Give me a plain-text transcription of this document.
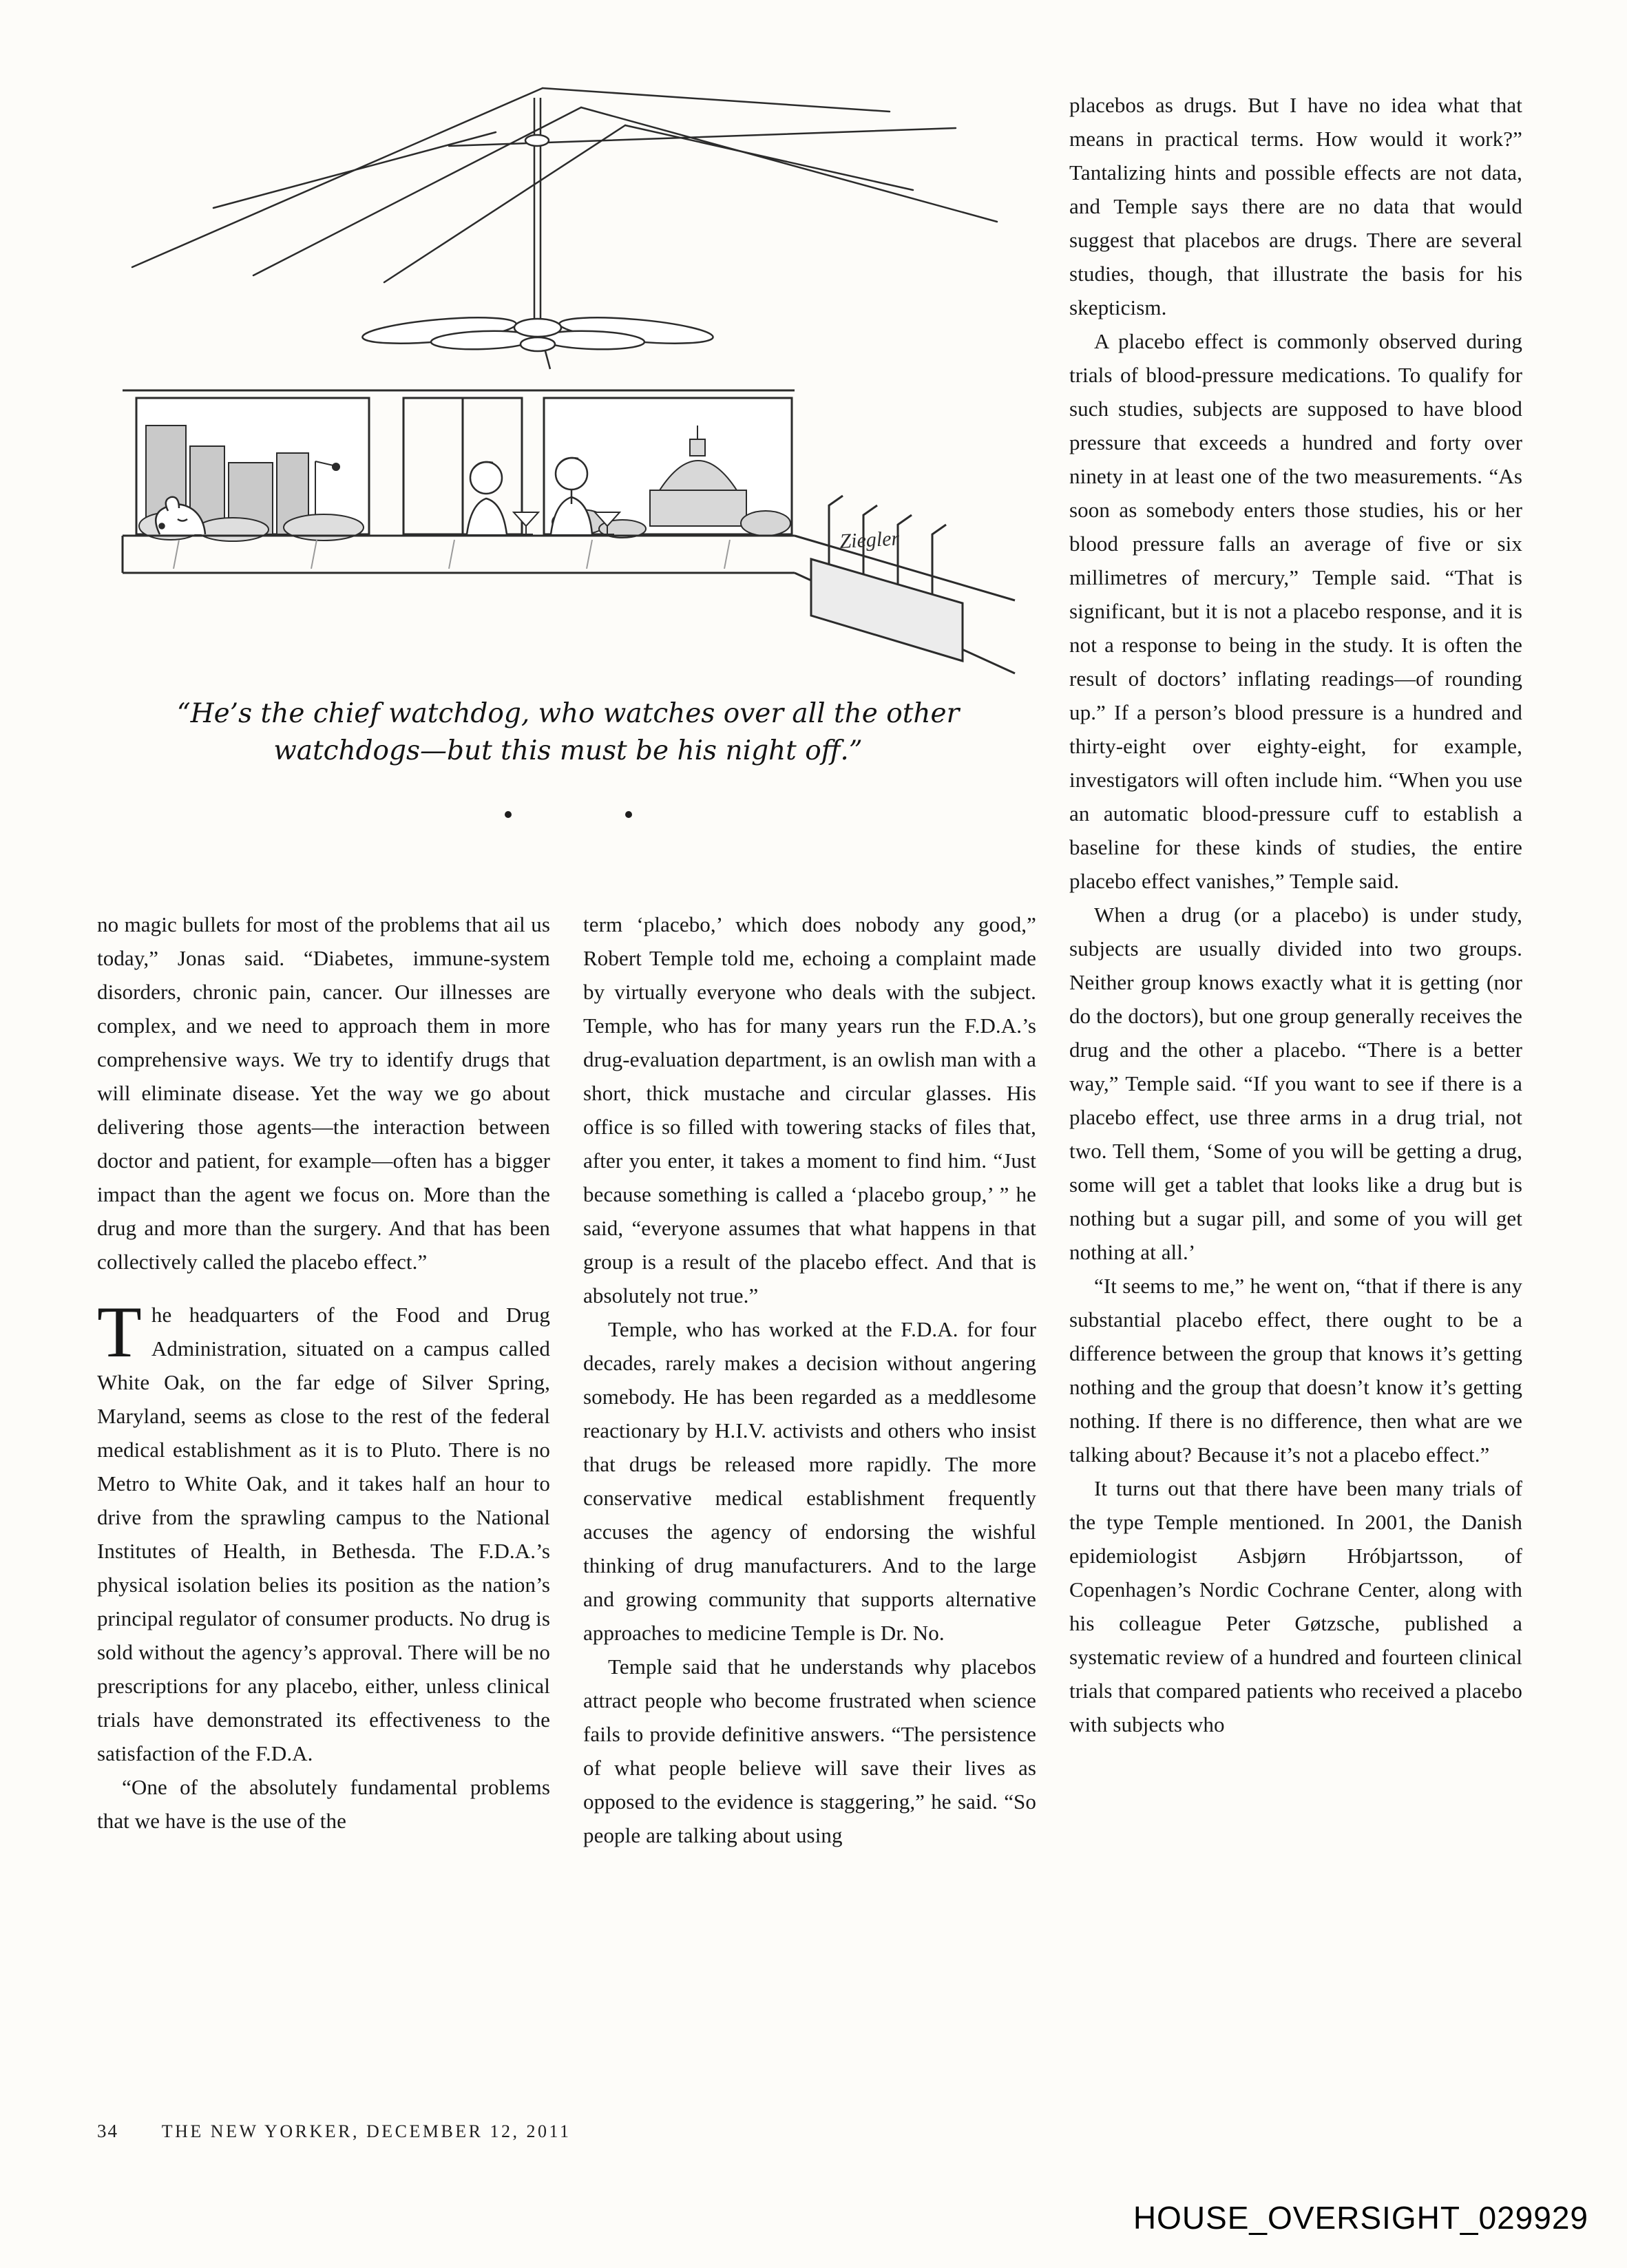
Ziegler
“He’s the chief watchdog, who watches over all the other
watchdogs—but this must be his night off.”

no magic bullets for most of the problems that ail us today,” Jonas said. “Diabetes, immune-system disorders, chronic pain, cancer. Our illnesses are complex, and we need to approach them in more comprehensive ways. We try to identify drugs that will eliminate disease. Yet the way we go about delivering those agents—the interaction between doctor and patient, for example—often has a bigger impact than the agent we focus on. More than the drug and more than the surgery. And that has been collectively called the placebo effect.”

The headquarters of the Food and Drug Administration, situated on a campus called White Oak, on the far edge of Silver Spring, Maryland, seems as close to the rest of the federal medical establishment as it is to Pluto. There is no Metro to White Oak, and it takes half an hour to drive from the sprawling campus to the National Institutes of Health, in Bethesda. The F.D.A.’s physical isolation belies its position as the nation’s principal regulator of consumer products. No drug is sold without the agency’s approval. There will be no prescriptions for any placebo, either, unless clinical trials have demonstrated its effectiveness to the satisfaction of the F.D.A.

“One of the absolutely fundamental problems that we have is the use of the

term ‘placebo,’ which does nobody any good,” Robert Temple told me, echoing a complaint made by virtually everyone who deals with the subject. Temple, who has for many years run the F.D.A.’s drug-evaluation department, is an owlish man with a short, thick mustache and circular glasses. His office is so filled with towering stacks of files that, after you enter, it takes a moment to find him. “Just because something is called a ‘placebo group,’ ” he said, “everyone assumes that what happens in that group is a result of the placebo effect. And that is absolutely not true.”

Temple, who has worked at the F.D.A. for four decades, rarely makes a decision without angering somebody. He has been regarded as a meddlesome reactionary by H.I.V. activists and others who insist that drugs be released more rapidly. The more conservative medical establishment frequently accuses the agency of endorsing the wishful thinking of drug manufacturers. And to the large and growing community that supports alternative approaches to medicine Temple is Dr. No.

Temple said that he understands why placebos attract people who become frustrated when science fails to provide definitive answers. “The persistence of what people believe will save their lives as opposed to the evidence is staggering,” he said. “So people are talking about using

placebos as drugs. But I have no idea what that means in practical terms. How would it work?” Tantalizing hints and possible effects are not data, and Temple says there are no data that would suggest that placebos are drugs. There are several studies, though, that illustrate the basis for his skepticism.

A placebo effect is commonly observed during trials of blood-pressure medications. To qualify for such studies, subjects are supposed to have blood pressure that exceeds a hundred and forty over ninety in at least one of the two measurements. “As soon as somebody enters those studies, his or her blood pressure falls an average of five or six millimetres of mercury,” Temple said. “That is significant, but it is not a placebo response, and it is not a response to being in the study. It is often the result of doctors’ inflating readings—of rounding up.” If a person’s blood pressure is a hundred and thirty-eight over eighty-eight, for example, investigators will often include him. “When you use an automatic blood-pressure cuff to establish a baseline for these kinds of studies, the entire placebo effect vanishes,” Temple said.

When a drug (or a placebo) is under study, subjects are usually divided into two groups. Neither group knows exactly what it is getting (nor do the doctors), but one group generally receives the drug and the other a placebo. “There is a better way,” Temple said. “If you want to see if there is a placebo effect, use three arms in a drug trial, not two. Tell them, ‘Some of you will be getting a drug, some will get a tablet that looks like a drug but is nothing but a sugar pill, and some of you will get nothing at all.’

“It seems to me,” he went on, “that if there is any substantial placebo effect, there ought to be a difference between the group that knows it’s getting nothing and the group that doesn’t know it’s getting nothing. If there is no difference, then what are we talking about? Because it’s not a placebo effect.”

It turns out that there have been many trials of the type Temple mentioned. In 2001, the Danish epidemiologist Asbjørn Hróbjartsson, of Copenhagen’s Nordic Cochrane Center, along with his colleague Peter Gøtzsche, published a systematic review of a hundred and fourteen clinical trials that compared patients who received a placebo with subjects who

34 THE NEW YORKER, DECEMBER 12, 2011
HOUSE_OVERSIGHT_029929
